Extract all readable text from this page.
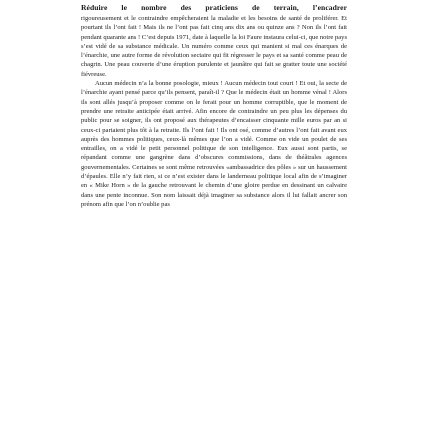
Réduire le nombre des praticiens de terrain, l’encadrer

rigoureusement et le contraindre empêcheraient la maladie et les besoins de santé de proliférer. Et pourtant ils l’ont fait ! Mais ils ne l’ont pas fait cinq ans dix ans ou quinze ans ? Non ils l’ont fait pendant quarante ans ! C’est depuis 1971, date à laquelle la loi Faure instaura celui-ci, que notre pays s’est vidé de sa substance médicale. Un numéro comme ceux qui manient si mal ces énarques de l’énarchie, une autre forme de révolution sectaire qui fit régresser le pays et sa santé comme peau de chagrin. Une peau couverte d’une éruption purulente et jaunâtre qui fait se gratter toute une société fiévreuse.

Aucun médecin n’a la bonne posologie, mieux ! Aucun médecin tout court ! Et oui, la secte de l’énarchie ayant pensé parce qu’ils pensent, paraît-il ? Que le médecin était un homme vénal ! Alors ils sont allés jusqu’à proposer comme on le ferait pour un homme corruptible, que le moment de prendre une retraite anticipée était arrivé. Afin encore de contraindre un peu plus les dépenses du public pour se soigner, ils ont proposé aux thérapeutes d’encaisser cinquante mille euros par an si ceux-ci partaient plus tôt à la retraite. Ils l’ont fait ! Ils ont osé, comme d’autres l’ont fait avant eux auprès des hommes politiques, ceux-là mêmes que l’on a vidé. Comme on vide un poulet de ses entrailles, on a vidé le petit personnel politique de son intelligence. Eux aussi sont partis, se répandant comme une gangrène dans d’obscures commissions, dans de théâtrales agences gouvernementales. Certaines se sont même retrouvées «ambassadrice des pôles » sur un haussement d’épaules. Elle n’y fait rien, si ce n’est exister dans le landerneau politique local afin de s’imaginer en « Mike Horn » de la gauche retrouvant le chemin d’une gloire perdue en dessinant un calvaire dans une pente inconnue. Son nom laissait déjà imaginer sa substance alors il lui fallait ancrer son prénom afin que l’on n’oublie pas
